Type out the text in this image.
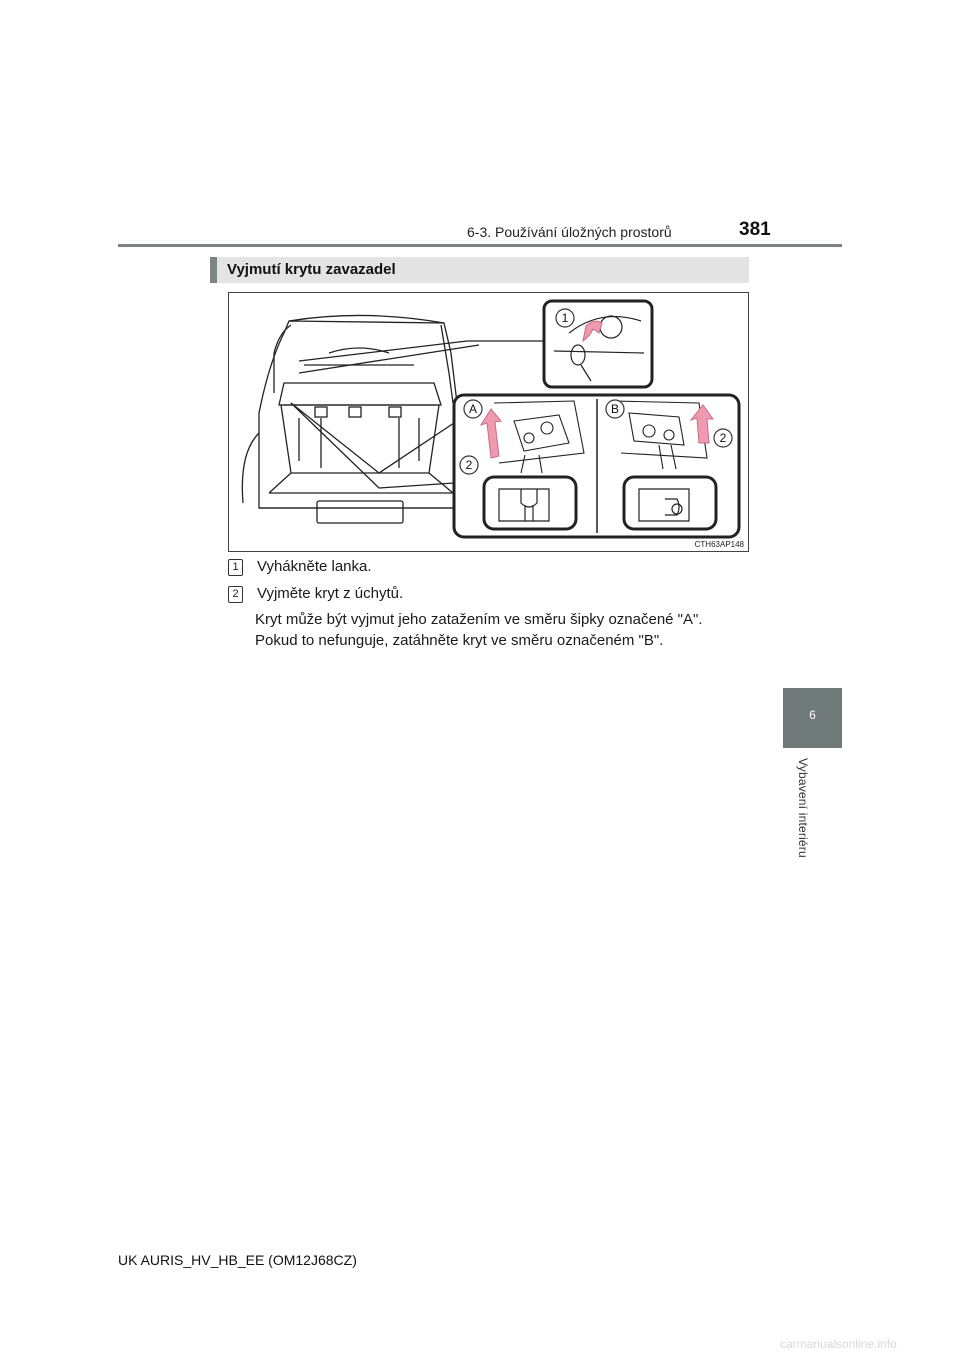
6-3. Používání úložných prostorů	381
6
Vybavení interiéru
Vyjmutí krytu zavazadel
1
A
2
B
2
CTH63AP148
1 Vyhákněte lanka.
2 Vyjměte kryt z úchytů.
Kryt může být vyjmut jeho zatažením ve směru šipky označené "A".
Pokud to nefunguje, zatáhněte kryt ve směru označeném "B".
UK AURIS_HV_HB_EE (OM12J68CZ)
carmanualsonline.info
